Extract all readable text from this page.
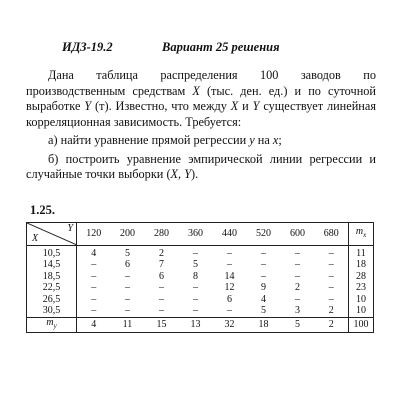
ИДЗ-19.2	Вариант 25 решения

Дана таблица распределения 100 заводов по производственным средствам X (тыс. ден. ед.) и по суточной выработке Y (т). Известно, что между X и Y существует линейная корреляционная зависимость. Требуется:

а) найти уравнение прямой регрессии y на x;

б) построить уравнение эмпирической линии регрессии и случайные точки выборки (X, Y).

1.25.
Y
X	120	200	280	360	440	520	600	680	$m_x$
10,5	4	5	2	–	–	–	–	–	11
14,5	–	6	7	5	–	–	–	–	18
18,5	–	–	6	8	14	–	–	–	28
22,5	–	–	–	–	12	9	2	–	23
26,5	–	–	–	–	6	4	–	–	10
30,5	–	–	–	–	–	5	3	2	10
$m_y$	4	11	15	13	32	18	5	2	100
